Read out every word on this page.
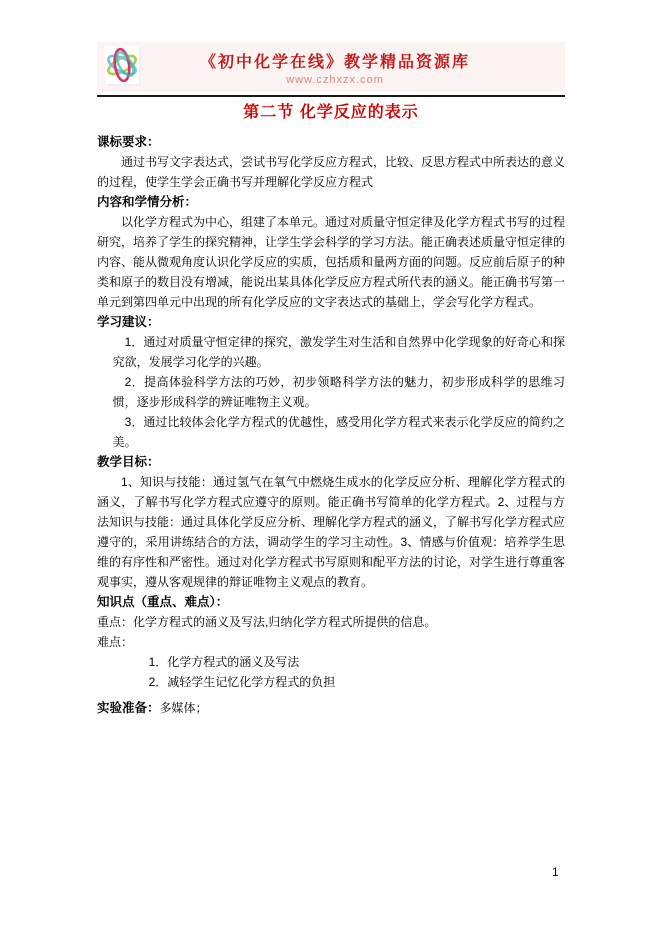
《初中化学在线》教学精品资源库
www.czhxzx.com
第二节 化学反应的表示
课标要求：

通过书写文字表达式，尝试书写化学反应方程式，比较、反思方程式中所表达的意义的过程，使学生学会正确书写并理解化学反应方程式

内容和学情分析：

以化学方程式为中心，组建了本单元。通过对质量守恒定律及化学方程式书写的过程研究，培养了学生的探究精神，让学生学会科学的学习方法。能正确表述质量守恒定律的内容、能从微观角度认识化学反应的实质，包括质和量两方面的问题。反应前后原子的种类和原子的数目没有增减，能说出某具体化学反应方程式所代表的涵义。能正确书写第一单元到第四单元中出现的所有化学反应的文字表达式的基础上，学会写化学方程式。

学习建议：

1．通过对质量守恒定律的探究，激发学生对生活和自然界中化学现象的好奇心和探究欲，发展学习化学的兴趣。

2．提高体验科学方法的巧妙，初步领略科学方法的魅力，初步形成科学的思维习惯，逐步形成科学的辨证唯物主义观。

3．通过比较体会化学方程式的优越性，感受用化学方程式来表示化学反应的简约之美。

教学目标：

1、知识与技能：通过氢气在氧气中燃烧生成水的化学反应分析、理解化学方程式的涵义，了解书写化学方程式应遵守的原则。能正确书写简单的化学方程式。2、过程与方法知识与技能：通过具体化学反应分析、理解化学方程式的涵义，了解书写化学方程式应遵守的，采用讲练结合的方法，调动学生的学习主动性。3、情感与价值观：培养学生思维的有序性和严密性。通过对化学方程式书写原则和配平方法的讨论，对学生进行尊重客观事实，遵从客观规律的辩证唯物主义观点的教育。

知识点（重点、难点）：

重点：化学方程式的涵义及写法,归纳化学方程式所提供的信息。

难点：

1．化学方程式的涵义及写法

2．减轻学生记忆化学方程式的负担

实验准备：多媒体；

1
